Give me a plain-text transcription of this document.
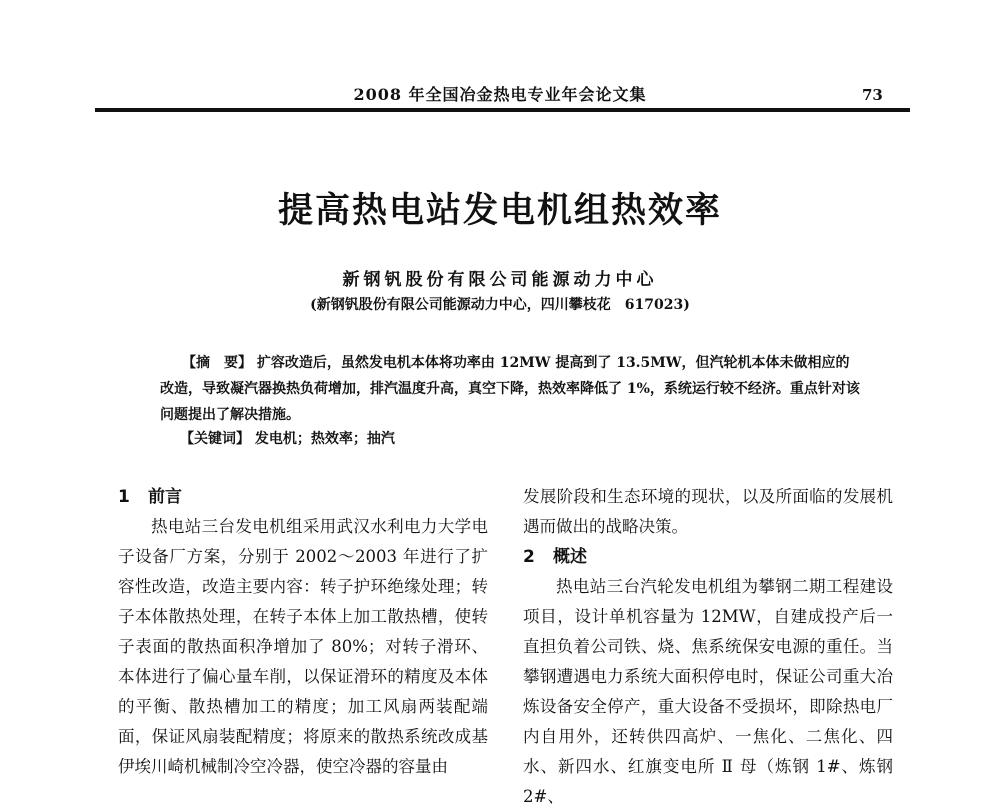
2008 年全国冶金热电专业年会论文集	73
提高热电站发电机组热效率
新钢钒股份有限公司能源动力中心
(新钢钒股份有限公司能源动力中心，四川攀枝花　617023)

【摘　要】 扩容改造后，虽然发电机本体将功率由 12MW 提高到了 13.5MW，但汽轮机本体未做相应的改造，导致凝汽器换热负荷增加，排汽温度升高，真空下降，热效率降低了 1%，系统运行较不经济。重点针对该问题提出了解决措施。

【关键词】 发电机；热效率；抽汽
1 前言

热电站三台发电机组采用武汉水利电力大学电子设备厂方案，分别于 2002～2003 年进行了扩容性改造，改造主要内容：转子护环绝缘处理；转子本体散热处理，在转子本体上加工散热槽，使转子表面的散热面积净增加了 80%；对转子滑环、本体进行了偏心量车削，以保证滑环的精度及本体的平衡、散热槽加工的精度；加工风扇两装配端面，保证风扇装配精度；将原来的散热系统改成基伊埃川崎机械制冷空冷器，使空冷器的容量由

发展阶段和生态环境的现状，以及所面临的发展机遇而做出的战略决策。

2 概述

热电站三台汽轮发电机组为攀钢二期工程建设项目，设计单机容量为 12MW，自建成投产后一直担负着公司铁、烧、焦系统保安电源的重任。当攀钢遭遇电力系统大面积停电时，保证公司重大冶炼设备安全停产，重大设备不受损坏，即除热电厂内自用外，还转供四高炉、一焦化、二焦化、四水、新四水、红旗变电所 Ⅱ 母（炼钢 1#、炼钢 2#、
